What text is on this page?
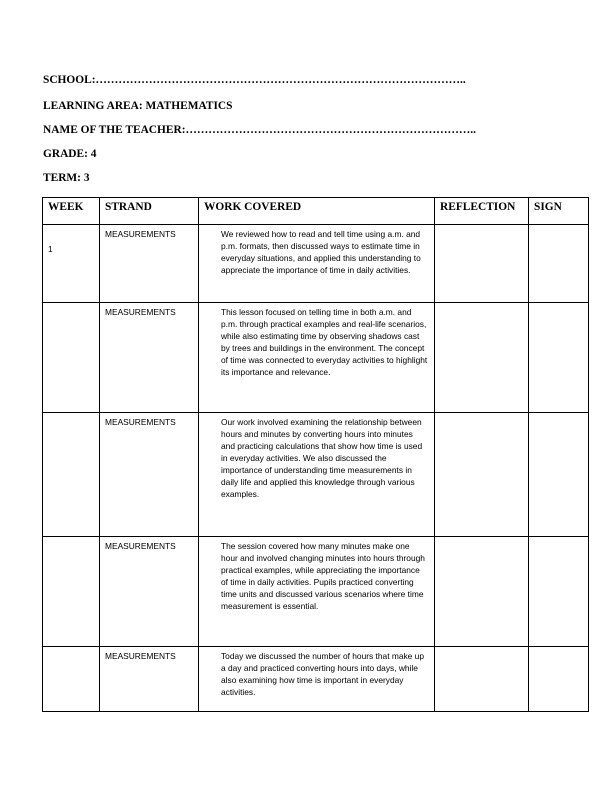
SCHOOL:……………………………………………………………………………………..
LEARNING AREA: MATHEMATICS
NAME OF THE TEACHER:…………………………………………………………………..
GRADE: 4
TERM: 3
WEEK	STRAND	WORK COVERED	REFLECTION	SIGN

1	MEASUREMENTS	We reviewed how to read and tell time using a.m. and p.m. formats, then discussed ways to estimate time in everyday situations, and applied this understanding to appreciate the importance of time in daily activities.		

	MEASUREMENTS	This lesson focused on telling time in both a.m. and p.m. through practical examples and real-life scenarios, while also estimating time by observing shadows cast by trees and buildings in the environment. The concept of time was connected to everyday activities to highlight its importance and relevance.		

	MEASUREMENTS	Our work involved examining the relationship between hours and minutes by converting hours into minutes and practicing calculations that show how time is used in everyday activities. We also discussed the importance of understanding time measurements in daily life and applied this knowledge through various examples.		

	MEASUREMENTS	The session covered how many minutes make one hour and involved changing minutes into hours through practical examples, while appreciating the importance of time in daily activities. Pupils practiced converting time units and discussed various scenarios where time measurement is essential.		

	MEASUREMENTS	Today we discussed the number of hours that make up a day and practiced converting hours into days, while also examining how time is important in everyday activities.		
